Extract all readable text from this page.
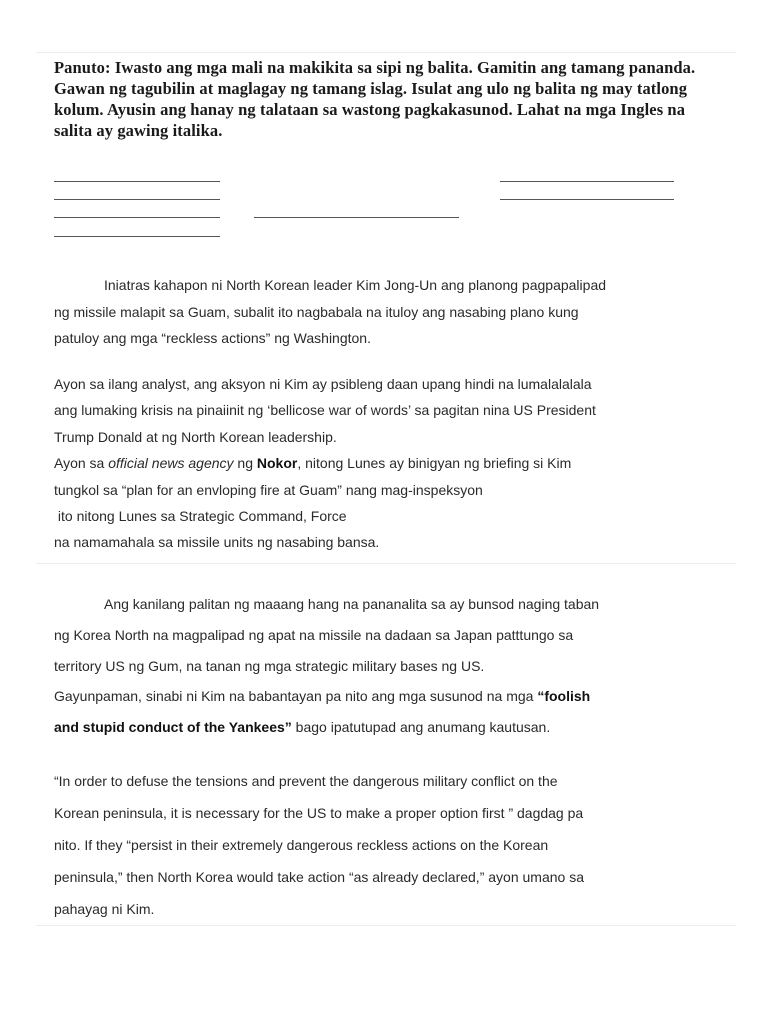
Panuto: Iwasto ang mga mali na makikita sa sipi ng balita. Gamitin ang tamang pananda. Gawan ng tagubilin at maglagay ng tamang islag. Isulat ang ulo ng balita ng may tatlong kolum. Ayusin ang hanay ng talataan sa wastong pagkakasunod. Lahat na mga Ingles na salita ay gawing italika.

Iniatras kahapon ni North Korean leader Kim Jong-Un ang planong pagpapalipad
ng missile malapit sa Guam, subalit ito nagbabala na ituloy ang nasabing plano kung
patuloy ang mga “reckless actions” ng Washington.

Ayon sa ilang analyst, ang aksyon ni Kim ay psibleng daan upang hindi na lumalalalala
ang lumaking krisis na pinaiinit ng ‘bellicose war of words’ sa pagitan nina US President
Trump Donald at ng North Korean leadership.
Ayon sa official news agency ng Nokor, nitong Lunes ay binigyan ng briefing si Kim
tungkol sa “plan for an envloping fire at Guam” nang mag-inspeksyon
ito nitong Lunes sa Strategic Command, Force
na namamahala sa missile units ng nasabing bansa.

Ang kanilang palitan ng maaang hang na pananalita sa ay bunsod naging taban
ng Korea North na magpalipad ng apat na missile na dadaan sa Japan patttungo sa
territory US ng Gum, na tanan ng mga strategic military bases ng US.
Gayunpaman, sinabi ni Kim na babantayan pa nito ang mga susunod na mga “foolish
and stupid conduct of the Yankees” bago ipatutupad ang anumang kautusan.

“In order to defuse the tensions and prevent the dangerous military conflict on the
Korean peninsula, it is necessary for the US to make a proper option first ” dagdag pa
nito. If they “persist in their extremely dangerous reckless actions on the Korean
peninsula,” then North Korea would take action “as already declared,” ayon umano sa
pahayag ni Kim.
